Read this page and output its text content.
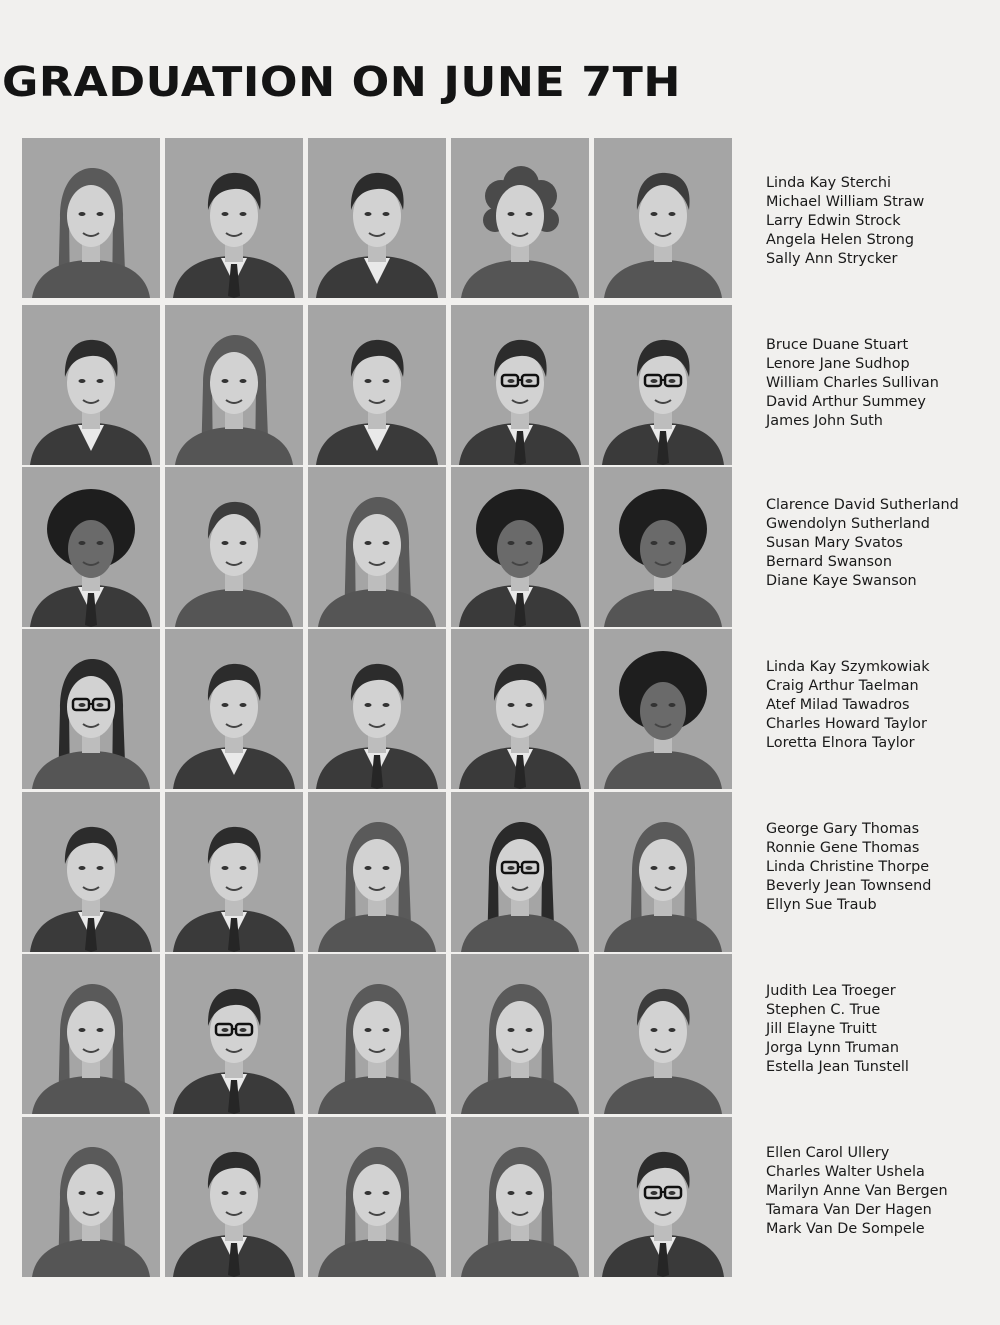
GRADUATION ON JUNE 7TH
Linda Kay Sterchi
Michael William Straw
Larry Edwin Strock
Angela Helen Strong
Sally Ann Strycker
Bruce Duane Stuart
Lenore Jane Sudhop
William Charles Sullivan
David Arthur Summey
James John Suth
Clarence David Sutherland
Gwendolyn Sutherland
Susan Mary Svatos
Bernard Swanson
Diane Kaye Swanson
Linda Kay Szymkowiak
Craig Arthur Taelman
Atef Milad Tawadros
Charles Howard Taylor
Loretta Elnora Taylor
George Gary Thomas
Ronnie Gene Thomas
Linda Christine Thorpe
Beverly Jean Townsend
Ellyn Sue Traub
Judith Lea Troeger
Stephen C. True
Jill Elayne Truitt
Jorga Lynn Truman
Estella Jean Tunstell
Ellen Carol Ullery
Charles Walter Ushela
Marilyn Anne Van Bergen
Tamara Van Der Hagen
Mark Van De Sompele
